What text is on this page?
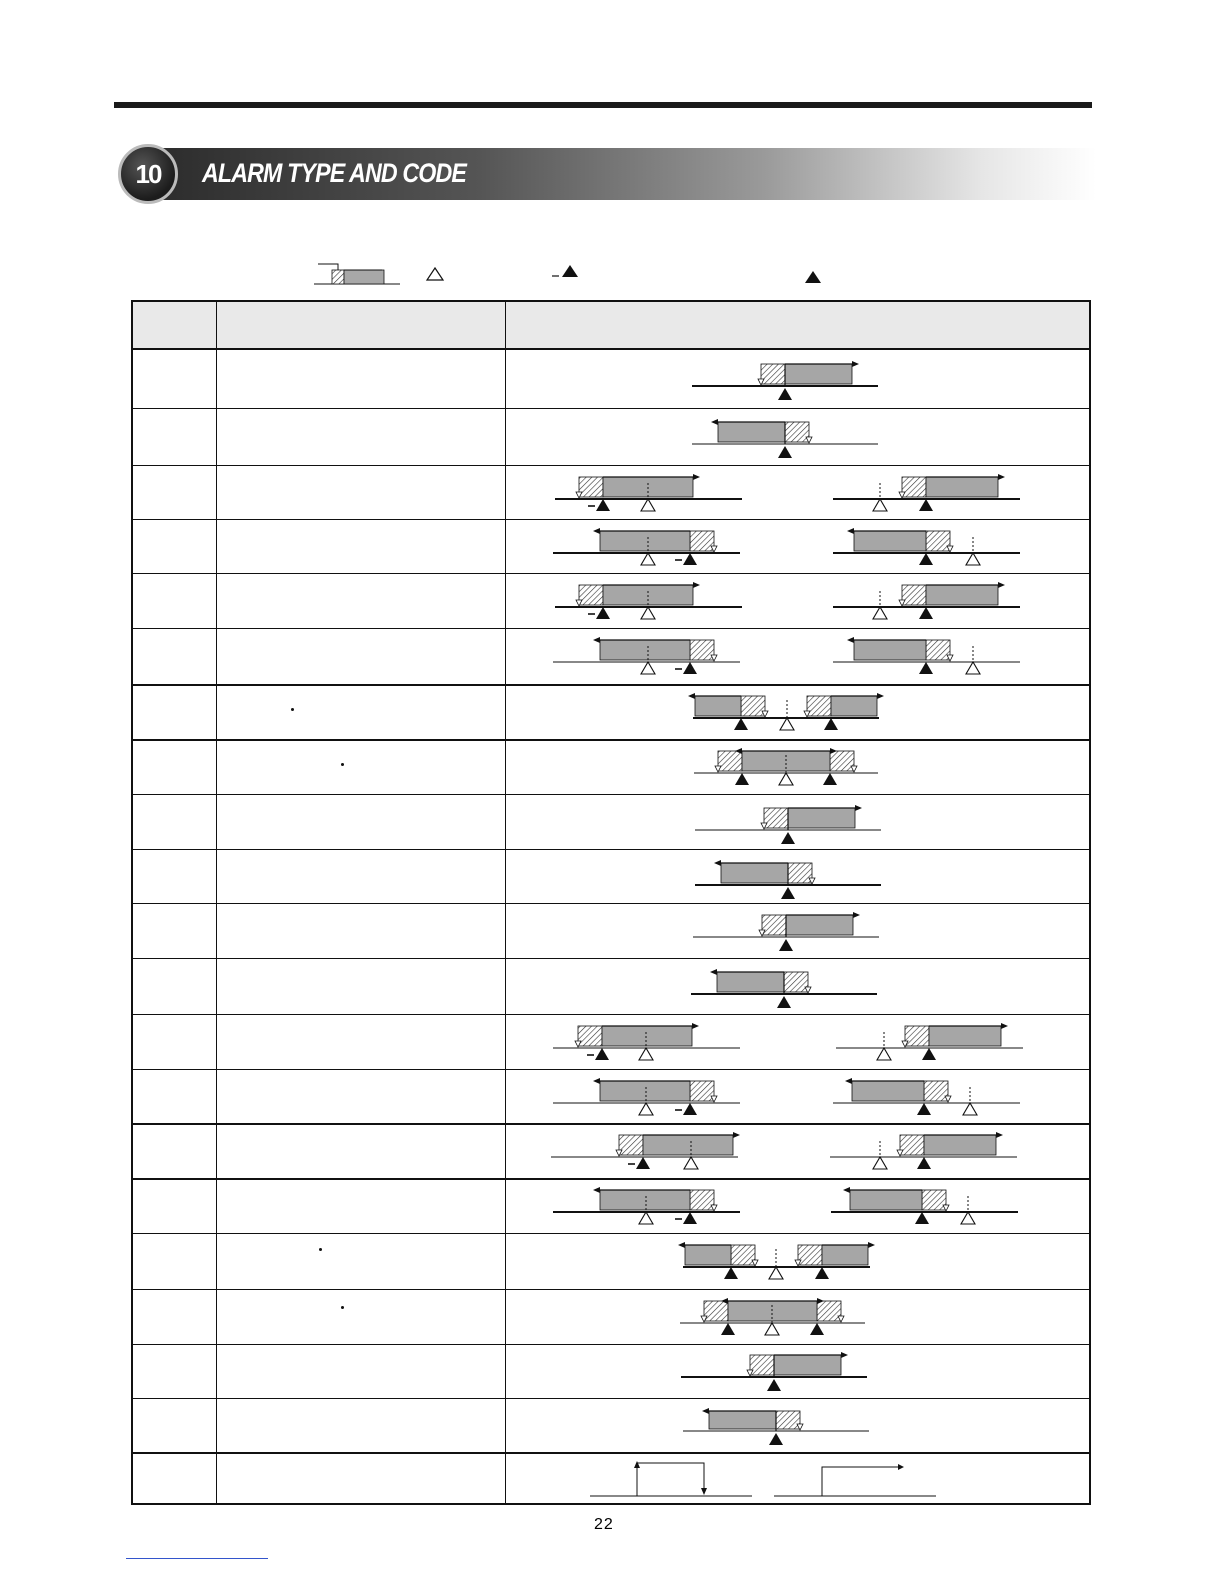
10	ALARM TYPE AND CODE
22
